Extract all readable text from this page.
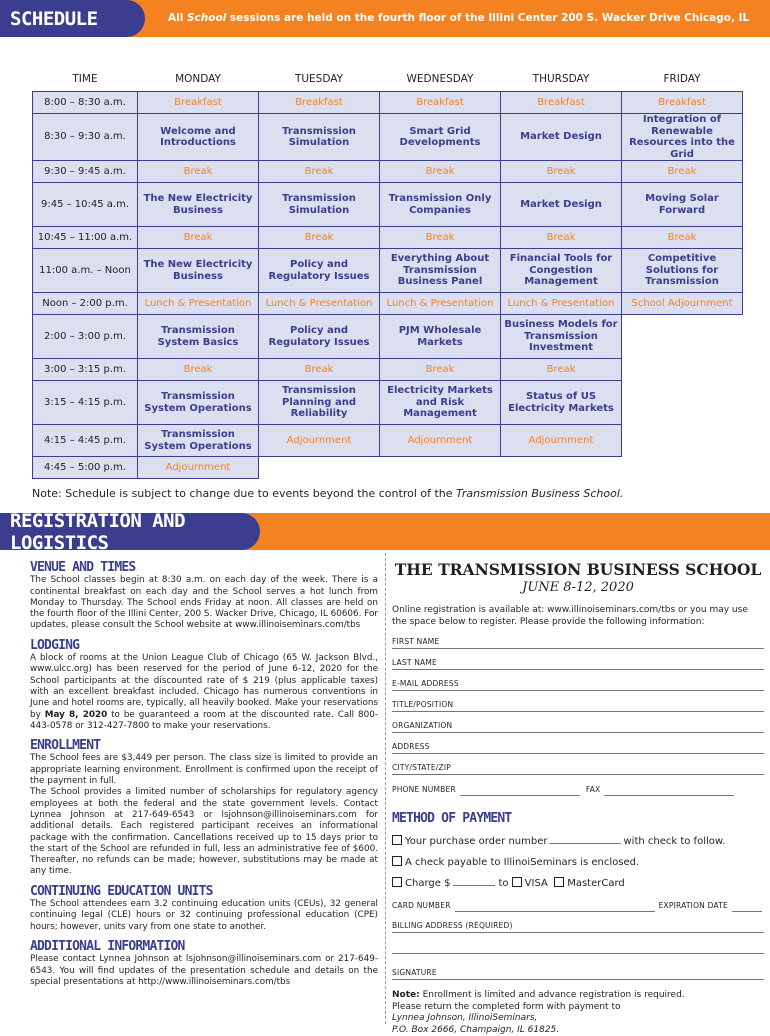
SCHEDULE	All School sessions are held on the fourth floor of the Illini Center 200 S. Wacker Drive Chicago, IL
TIME	MONDAY	TUESDAY	WEDNESDAY	THURSDAY	FRIDAY
8:00 – 8:30 a.m.	Breakfast	Breakfast	Breakfast	Breakfast	Breakfast
8:30 – 9:30 a.m.	Welcome and Introductions	Transmission Simulation	Smart Grid Developments	Market Design	Integration of Renewable Resources into the Grid
9:30 – 9:45 a.m.	Break	Break	Break	Break	Break
9:45 – 10:45 a.m.	The New Electricity Business	Transmission Simulation	Transmission Only Companies	Market Design	Moving Solar Forward
10:45 – 11:00 a.m.	Break	Break	Break	Break	Break
11:00 a.m. – Noon	The New Electricity Business	Policy and Regulatory Issues	Everything About Transmission Business Panel	Financial Tools for Congestion Management	Competitive Solutions for Transmission
Noon – 2:00 p.m.	Lunch & Presentation	Lunch & Presentation	Lunch & Presentation	Lunch & Presentation	School Adjournment
2:00 – 3:00 p.m.	Transmission System Basics	Policy and Regulatory Issues	PJM Wholesale Markets	Business Models for Transmission Investment	
3:00 – 3:15 p.m.	Break	Break	Break	Break	
3:15 – 4:15 p.m.	Transmission System Operations	Transmission Planning and Reliability	Electricity Markets and Risk Management	Status of US Electricity Markets	
4:15 – 4:45 p.m.	Transmission System Operations	Adjournment	Adjournment	Adjournment	
4:45 – 5:00 p.m.	Adjournment				
Note: Schedule is subject to change due to events beyond the control of the Transmission Business School.
REGISTRATION AND LOGISTICS
VENUE AND TIMES

The School classes begin at 8:30 a.m. on each day of the week. There is a continental breakfast on each day and the School serves a hot lunch from Monday to Thursday. The School ends Friday at noon. All classes are held on the fourth floor of the Illini Center, 200 S. Wacker Drive, Chicago, IL 60606. For updates, please consult the School website at www.illinoiseminars.com/tbs

LODGING

A block of rooms at the Union League Club of Chicago (65 W. Jackson Blvd., www.ulcc.org) has been reserved for the period of June 6-12, 2020 for the School participants at the discounted rate of $ 219 (plus applicable taxes) with an excellent breakfast included. Chicago has numerous conventions in June and hotel rooms are, typically, all heavily booked. Make your reservations by May 8, 2020 to be guaranteed a room at the discounted rate. Call 800-443-0578 or 312-427-7800 to make your reservations.

ENROLLMENT

The School fees are $3,449 per person. The class size is limited to provide an appropriate learning environment. Enrollment is confirmed upon the receipt of the payment in full.

The School provides a limited number of scholarships for regulatory agency employees at both the federal and the state government levels. Contact Lynnea Johnson at 217-649-6543 or lsjohnson@illinoiseminars.com for additional details. Each registered participant receives an informational package with the confirmation. Cancellations received up to 15 days prior to the start of the School are refunded in full, less an administrative fee of $600. Thereafter, no refunds can be made; however, substitutions may be made at any time.

CONTINUING EDUCATION UNITS

The School attendees earn 3.2 continuing education units (CEUs), 32 general continuing legal (CLE) hours or 32 continuing professional education (CPE) hours; however, units vary from one state to another.

ADDITIONAL INFORMATION

Please contact Lynnea Johnson at lsjohnson@illinoiseminars.com or 217-649-6543. You will find updates of the presentation schedule and details on the special presentations at http://www.illinoiseminars.com/tbs

THE TRANSMISSION BUSINESS SCHOOL
JUNE 8-12, 2020
Online registration is available at: www.illinoiseminars.com/tbs or you may use the space below to register. Please provide the following information:
FIRST NAME
LAST NAME
E-MAIL ADDRESS
TITLE/POSITION
ORGANIZATION
ADDRESS
CITY/STATE/ZIP
PHONE NUMBER	FAX
METHOD OF PAYMENT
Your purchase order number	with check to follow.
A check payable to IllinoiSeminars is enclosed.
Charge $	to VISA MasterCard
CARD NUMBER	EXPIRATION DATE
BILLING ADDRESS (REQUIRED)
SIGNATURE
Note: Enrollment is limited and advance registration is required.
Please return the completed form with payment to
Lynnea Johnson, IllinoiSeminars,
P.O. Box 2666, Champaign, IL 61825.
